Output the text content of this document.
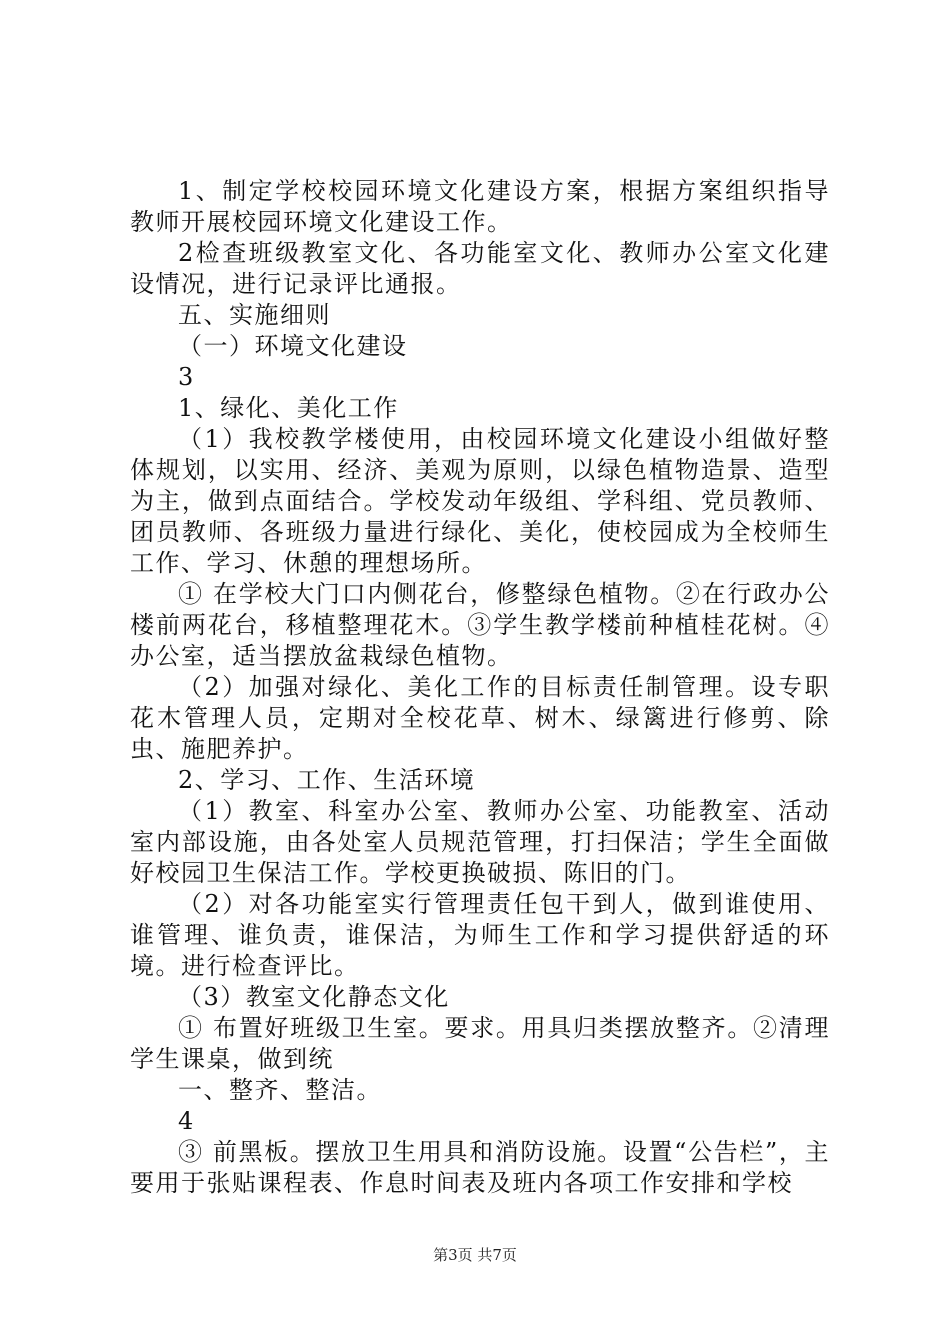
1、制定学校校园环境文化建设方案，根据方案组织指导教师开展校园环境文化建设工作。

2检查班级教室文化、各功能室文化、教师办公室文化建设情况，进行记录评比通报。

五、实施细则

（一）环境文化建设

3

1、绿化、美化工作

（1）我校教学楼使用，由校园环境文化建设小组做好整体规划，以实用、经济、美观为原则，以绿色植物造景、造型为主，做到点面结合。学校发动年级组、学科组、党员教师、团员教师、各班级力量进行绿化、美化，使校园成为全校师生工作、学习、休憩的理想场所。

① 在学校大门口内侧花台，修整绿色植物。②在行政办公楼前两花台，移植整理花木。③学生教学楼前种植桂花树。④办公室，适当摆放盆栽绿色植物。

（2）加强对绿化、美化工作的目标责任制管理。设专职花木管理人员，定期对全校花草、树木、绿篱进行修剪、除虫、施肥养护。

2、学习、工作、生活环境

（1）教室、科室办公室、教师办公室、功能教室、活动室内部设施，由各处室人员规范管理，打扫保洁；学生全面做好校园卫生保洁工作。学校更换破损、陈旧的门。

（2）对各功能室实行管理责任包干到人，做到谁使用、谁管理、谁负责，谁保洁，为师生工作和学习提供舒适的环境。进行检查评比。

（3）教室文化静态文化

① 布置好班级卫生室。要求。用具归类摆放整齐。②清理学生课桌，做到统

一、整齐、整洁。

4

③ 前黑板。摆放卫生用具和消防设施。设置“公告栏”，主要用于张贴课程表、作息时间表及班内各项工作安排和学校

第3页 共7页
